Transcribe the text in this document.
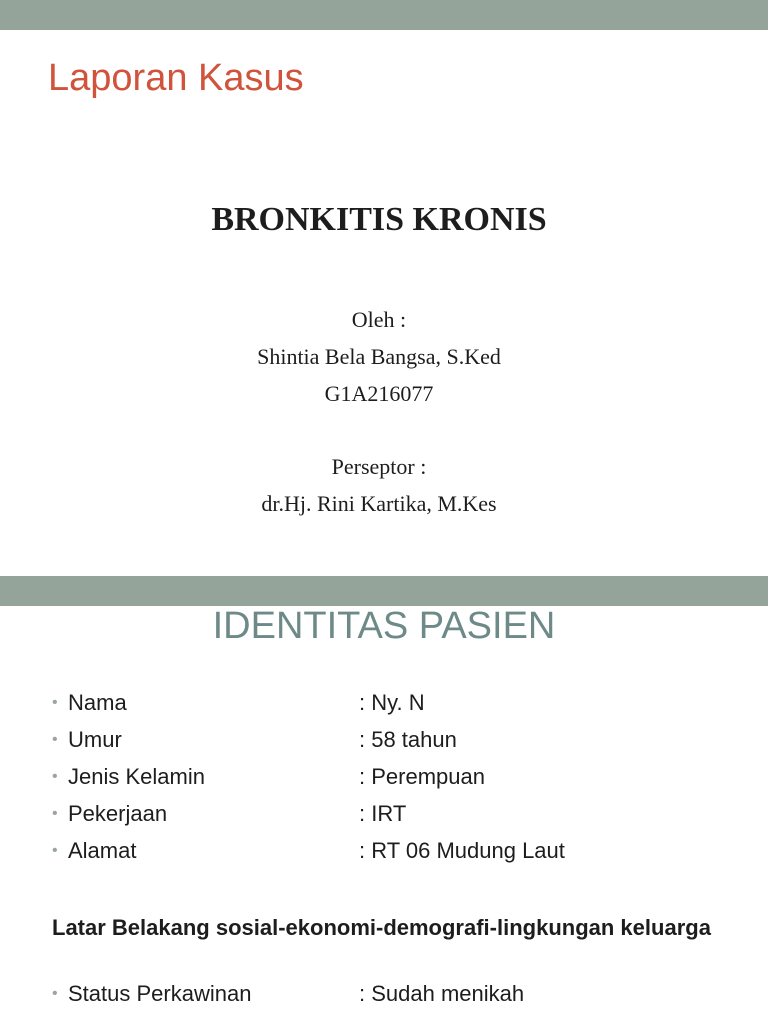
Laporan Kasus
BRONKITIS KRONIS
Oleh :
Shintia Bela Bangsa, S.Ked
G1A216077
Perseptor :
dr.Hj. Rini Kartika, M.Kes
IDENTITAS PASIEN
• Nama	: Ny. N
• Umur	: 58 tahun
• Jenis Kelamin	: Perempuan
• Pekerjaan	: IRT
• Alamat	: RT 06 Mudung Laut
Latar Belakang sosial-ekonomi-demografi-lingkungan keluarga
• Status Perkawinan	: Sudah menikah
